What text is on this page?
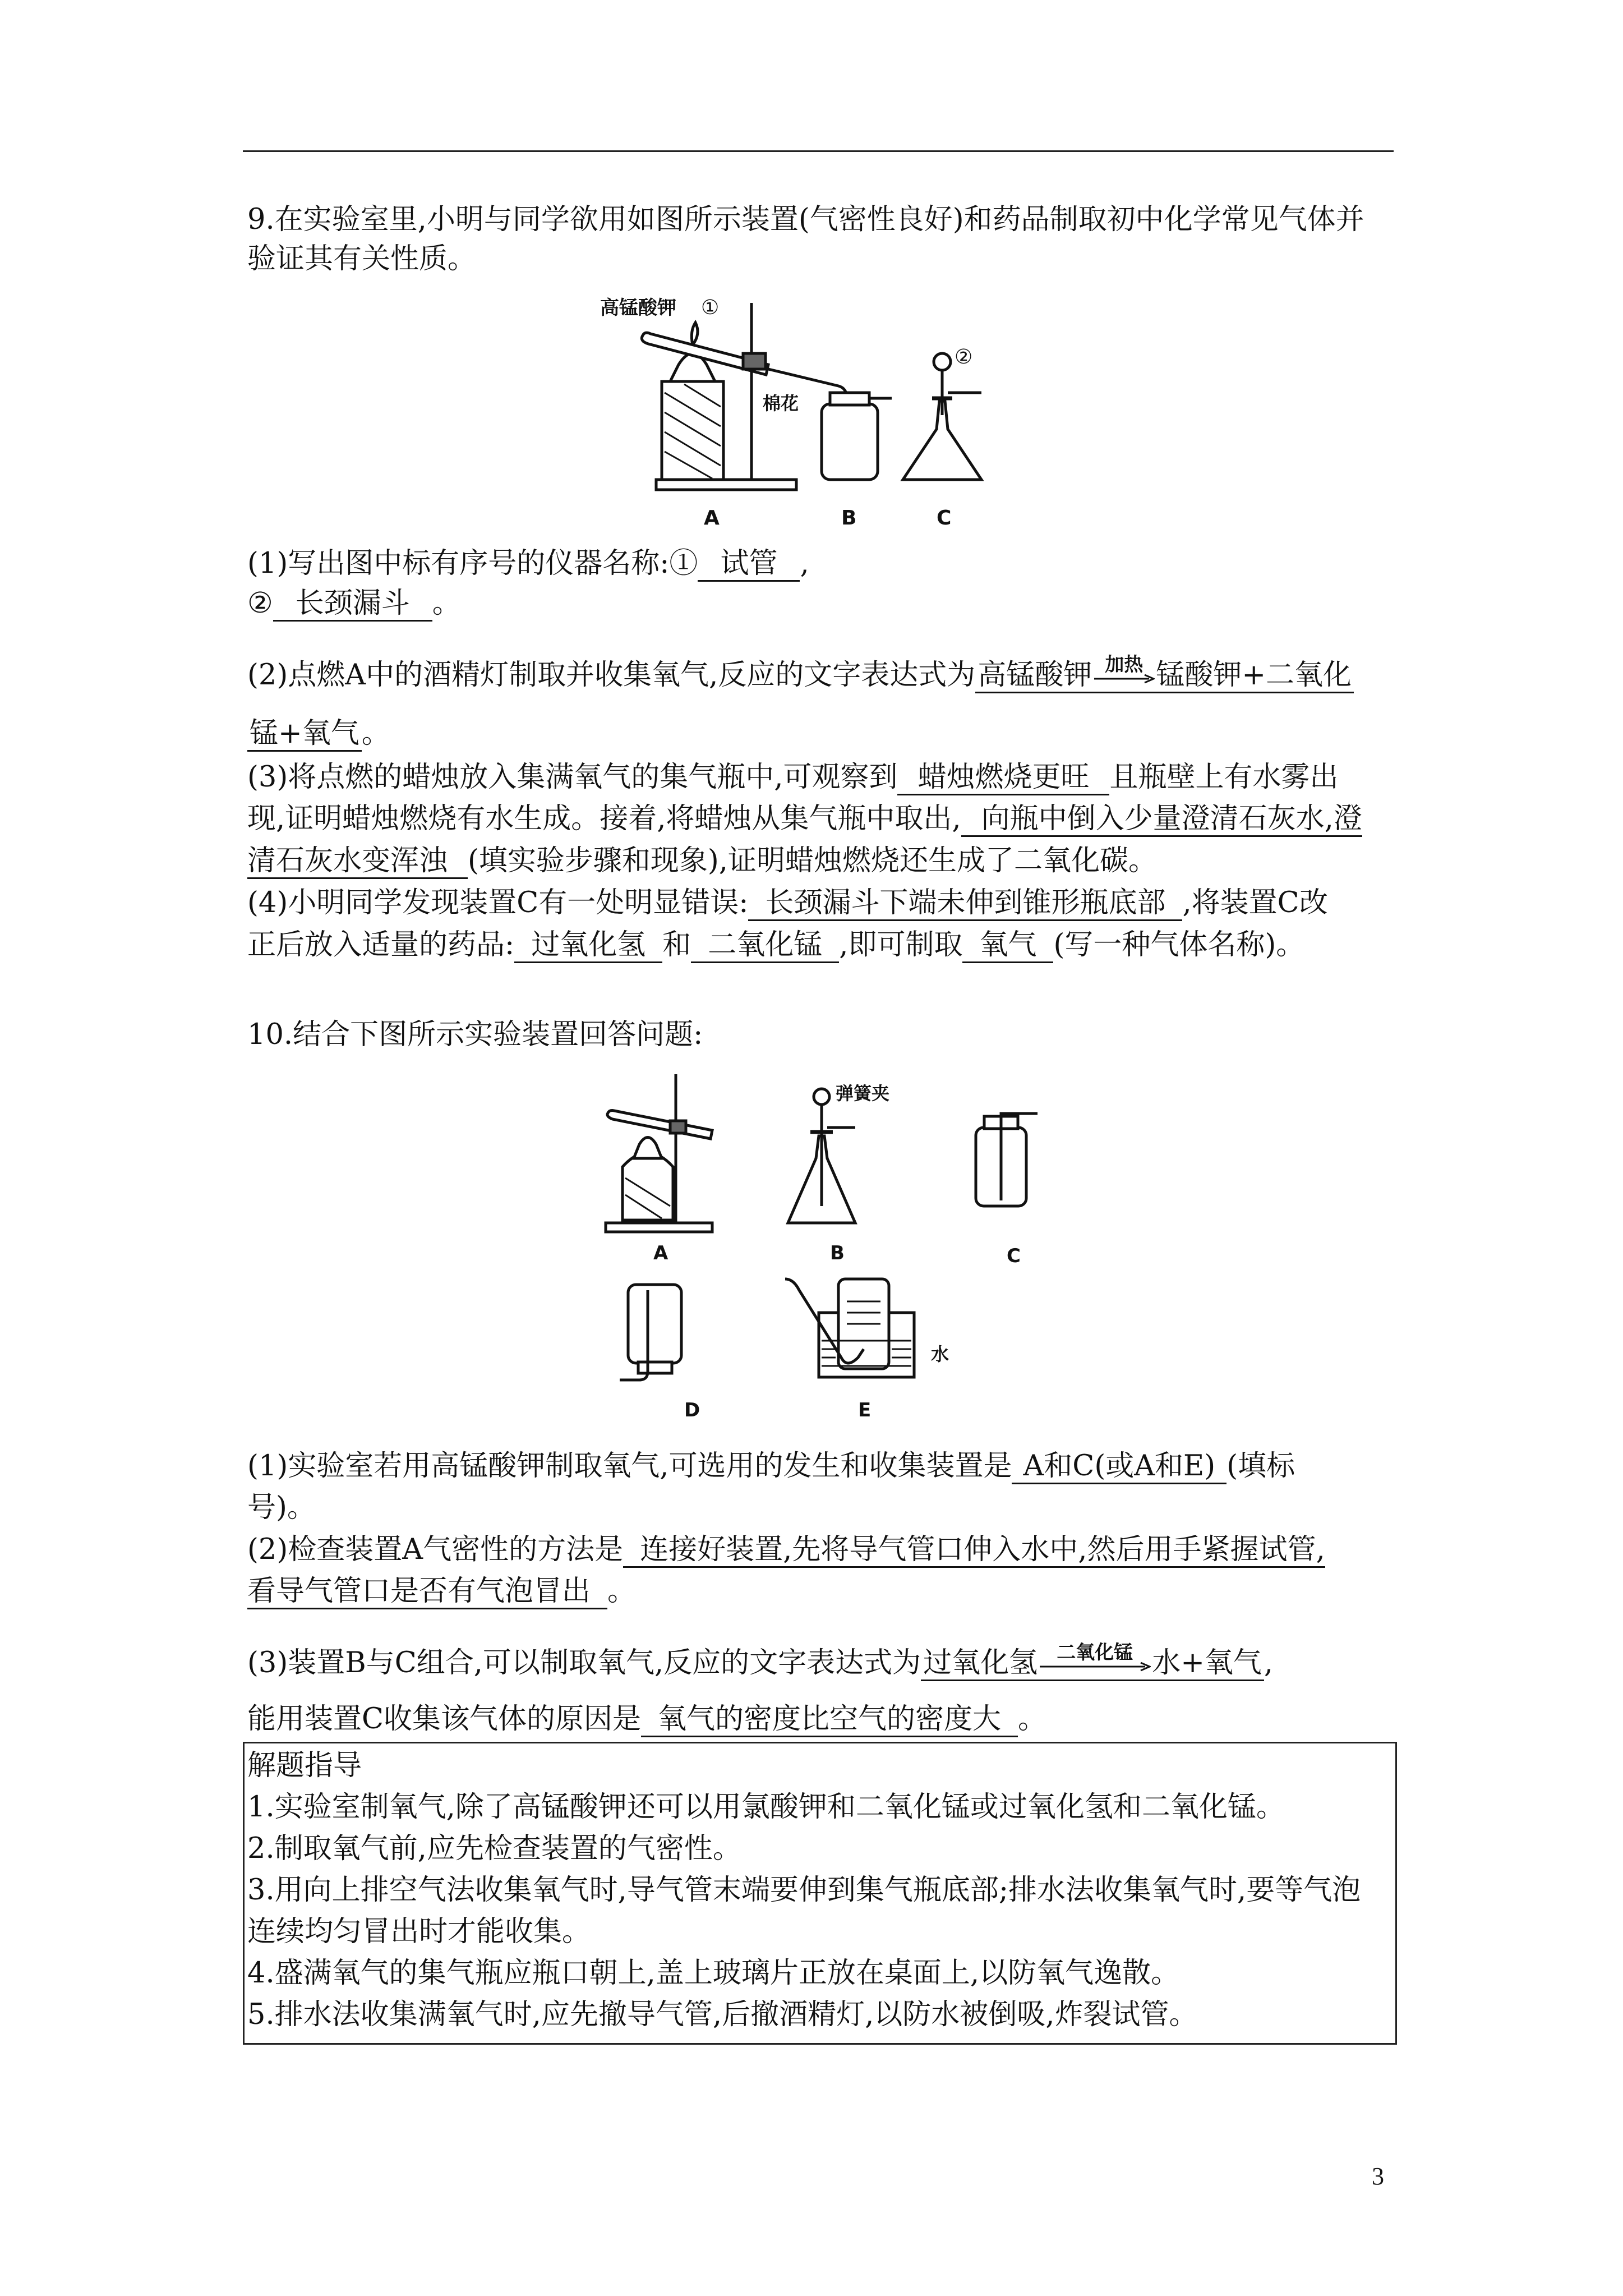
9.在实验室里,小明与同学欲用如图所示装置(气密性良好)和药品制取初中化学常见气体并
验证其有关性质。
高锰酸钾 ①
棉花
②
A	B	C
(1)写出图中标有序号的仪器名称:① 试管 ,
② 长颈漏斗 。
(2)点燃A中的酒精灯制取并收集氧气,反应的文字表达式为高锰酸钾 加热 锰酸钾+二氧化
锰+氧气。
(3)将点燃的蜡烛放入集满氧气的集气瓶中,可观察到 蜡烛燃烧更旺 且瓶壁上有水雾出
现,证明蜡烛燃烧有水生成。接着,将蜡烛从集气瓶中取出, 向瓶中倒入少量澄清石灰水,澄
清石灰水变浑浊 (填实验步骤和现象),证明蜡烛燃烧还生成了二氧化碳。
(4)小明同学发现装置C有一处明显错误: 长颈漏斗下端未伸到锥形瓶底部 ,将装置C改
正后放入适量的药品: 过氧化氢 和 二氧化锰 ,即可制取 氧气 (写一种气体名称)。
10.结合下图所示实验装置回答问题:
弹簧夹
水
A	B	C
D	E
(1)实验室若用高锰酸钾制取氧气,可选用的发生和收集装置是 A和C(或A和E) (填标
号)。
(2)检查装置A气密性的方法是 连接好装置,先将导气管口伸入水中,然后用手紧握试管,
看导气管口是否有气泡冒出 。
(3)装置B与C组合,可以制取氧气,反应的文字表达式为过氧化氢	二氧化锰 水+氧气,
能用装置C收集该气体的原因是 氧气的密度比空气的密度大 。
解题指导
1.实验室制氧气,除了高锰酸钾还可以用氯酸钾和二氧化锰或过氧化氢和二氧化锰。
2.制取氧气前,应先检查装置的气密性。
3.用向上排空气法收集氧气时,导气管末端要伸到集气瓶底部;排水法收集氧气时,要等气泡
连续均匀冒出时才能收集。
4.盛满氧气的集气瓶应瓶口朝上,盖上玻璃片正放在桌面上,以防氧气逸散。
5.排水法收集满氧气时,应先撤导气管,后撤酒精灯,以防水被倒吸,炸裂试管。
3
